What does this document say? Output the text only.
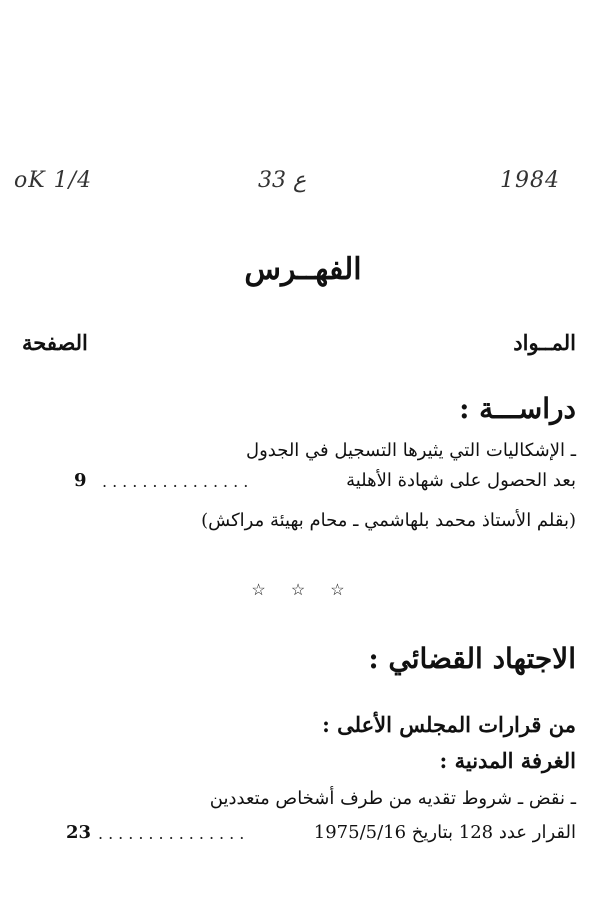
oK 1/4	33 ع	1984
الفهــرس
المــواد
الصفحة
دراســـة :
ـ الإشكاليات التي يثيرها التسجيل في الجدول
بعد الحصول على شهادة الأهلية
...............
9
(بقلم الأستاذ محمد بلهاشمي ـ محام بهيئة مراكش)
☆ ☆ ☆
الاجتهاد القضائي :
من قرارات المجلس الأعلى :
الغرفة المدنية :
ـ نقض ـ شروط تقديه من طرف أشخاص متعددين
القرار عدد 128 بتاريخ 1975/5/16
...............
23
